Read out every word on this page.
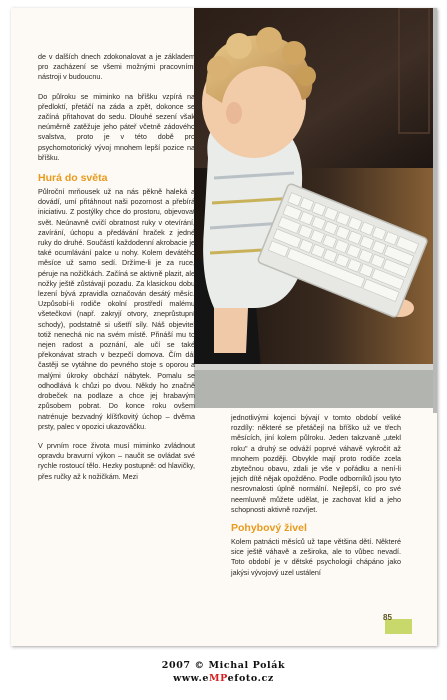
de v dalších dnech zdokonalovat a je základem pro zacházení se všemi možnými pracovními nástroji v budoucnu.

Do půlroku se miminko na bříšku vzpírá na předloktí, přetáčí na záda a zpět, dokonce se začíná přitahovat do sedu. Dlouhé sezení však neúměrně zatěžuje jeho páteř včetně zádového svalstva, proto je v této době pro psychomotorický vývoj mnohem lepší pozice na bříšku.

Hurá do světa

Půlroční mrňousek už na nás pěkně haleká a dovádí, umí přitáhnout naši pozornost a přebírá iniciativu. Z postýlky chce do prostoru, objevovat svět. Neúnavně cvičí obratnost ruky v otevírání, zavírání, úchopu a předávání hraček z jedné ruky do druhé. Součástí každodenní akrobacie je také ocumlávání palce u nohy. Kolem devátého měsíce už samo sedí. Držíme-li je za ruce, péruje na nožičkách. Začíná se aktivně plazit, ale nožky ještě zůstávají pozadu. Za klasickou dobu lezení bývá zpravidla označován desátý měsíc. Uzpůsobí-li rodiče okolní prostředí malému všetečkovi (např. zakryjí otvory, zneprůstupní schody), podstatně si ušetří síly. Náš objevitel totiž nenechá nic na svém místě. Přináší mu to nejen radost a poznání, ale učí se také překonávat strach v bezpečí domova. Čím dál častěji se vytáhne do pevného stoje s oporou a malými úkroky obchází nábytek. Pomalu se odhodlává k chůzi po dvou. Někdy ho značně drobeček na podlaze a chce jej hrabavým způsobem pobrat. Do konce roku ovšem natrénuje bezvadný klíšťkovitý úchop – dvěma prsty, palec v opozici ukazováčku.

V prvním roce života musí miminko zvládnout opravdu bravurní výkon – naučit se ovládat své rychle rostoucí tělo. Hezky postupně: od hlavičky, přes ručky až k nožičkám. Mezi

jednotlivými kojenci bývají v tomto období veliké rozdíly: některé se přetáčejí na bříško už ve třech měsících, jiní kolem půlroku. Jeden takzvaně „utekl roku" a druhý se odváží poprvé váhavě vykročit až mnohem později. Obvykle mají proto rodiče zcela zbytečnou obavu, zdali je vše v pořádku a není-li jejich dítě nějak opožděno. Podle odborníků jsou tyto nesrovnalosti úplně normální. Nejlepší, co pro své neemluvně můžete udělat, je zachovat klid a jeho schopnosti aktivně rozvíjet.

Pohybový živel

Kolem patnácti měsíců už tape většina dětí. Některé sice ještě váhavě a zeširoka, ale to vůbec nevadí. Toto období je v dětské psychologii chápáno jako jakýsi vývojový uzel ustálení

85
2007 © Michal Polák
www.eMPefoto.cz
